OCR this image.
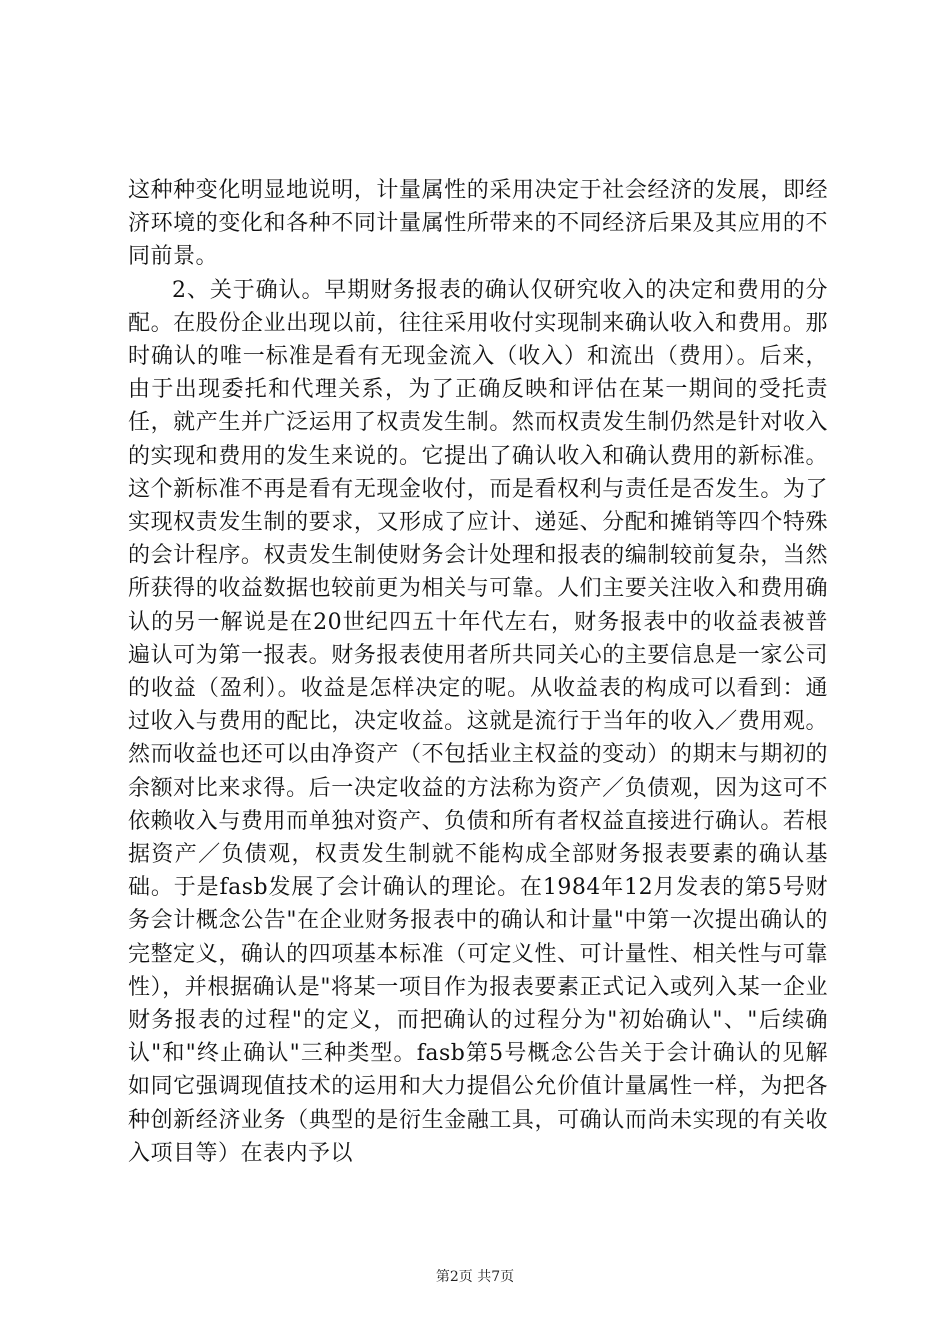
这种种变化明显地说明，计量属性的采用决定于社会经济的发展，即经济环境的变化和各种不同计量属性所带来的不同经济后果及其应用的不同前景。

2、关于确认。早期财务报表的确认仅研究收入的决定和费用的分配。在股份企业出现以前，往往采用收付实现制来确认收入和费用。那时确认的唯一标准是看有无现金流入（收入）和流出（费用）。后来，由于出现委托和代理关系，为了正确反映和评估在某一期间的受托责任，就产生并广泛运用了权责发生制。然而权责发生制仍然是针对收入的实现和费用的发生来说的。它提出了确认收入和确认费用的新标准。这个新标准不再是看有无现金收付，而是看权利与责任是否发生。为了实现权责发生制的要求，又形成了应计、递延、分配和摊销等四个特殊的会计程序。权责发生制使财务会计处理和报表的编制较前复杂，当然所获得的收益数据也较前更为相关与可靠。人们主要关注收入和费用确认的另一解说是在20世纪四五十年代左右，财务报表中的收益表被普遍认可为第一报表。财务报表使用者所共同关心的主要信息是一家公司的收益（盈利）。收益是怎样决定的呢。从收益表的构成可以看到：通过收入与费用的配比，决定收益。这就是流行于当年的收入／费用观。然而收益也还可以由净资产（不包括业主权益的变动）的期末与期初的余额对比来求得。后一决定收益的方法称为资产／负债观，因为这可不依赖收入与费用而单独对资产、负债和所有者权益直接进行确认。若根据资产／负债观，权责发生制就不能构成全部财务报表要素的确认基础。于是fasb发展了会计确认的理论。在1984年12月发表的第5号财务会计概念公告"在企业财务报表中的确认和计量"中第一次提出确认的完整定义，确认的四项基本标准（可定义性、可计量性、相关性与可靠性），并根据确认是"将某一项目作为报表要素正式记入或列入某一企业财务报表的过程"的定义，而把确认的过程分为"初始确认"、"后续确认"和"终止确认"三种类型。fasb第5号概念公告关于会计确认的见解如同它强调现值技术的运用和大力提倡公允价值计量属性一样，为把各种创新经济业务（典型的是衍生金融工具，可确认而尚未实现的有关收入项目等）在表内予以

第2页 共7页
